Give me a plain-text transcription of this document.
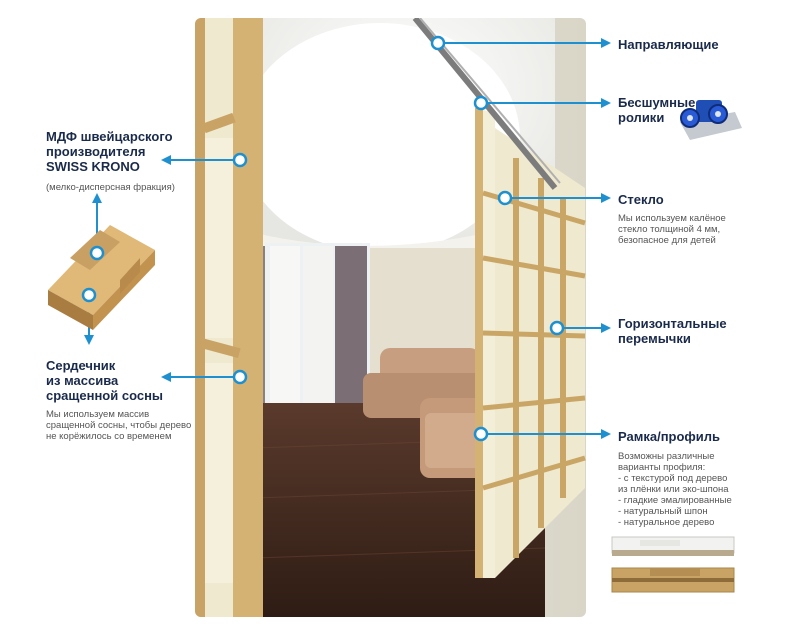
Направляющие
Бесшумные
ролики
Стекло
Мы используем калёное
стекло толщиной 4 мм,
безопасное для детей
Горизонтальные
перемычки
Рамка/профиль
Возможны различные
варианты профиля:
- с текстурой под дерево
из плёнки или эко-шпона
- гладкие эмалированные
- натуральный шпон
- натуральное дерево
МДФ швейцарского
производителя
SWISS KRONO
(мелко-дисперсная фракция)
Сердечник
из массива
сращенной сосны
Мы используем массив
сращенной сосны, чтобы дерево
не корёжилось со временем
